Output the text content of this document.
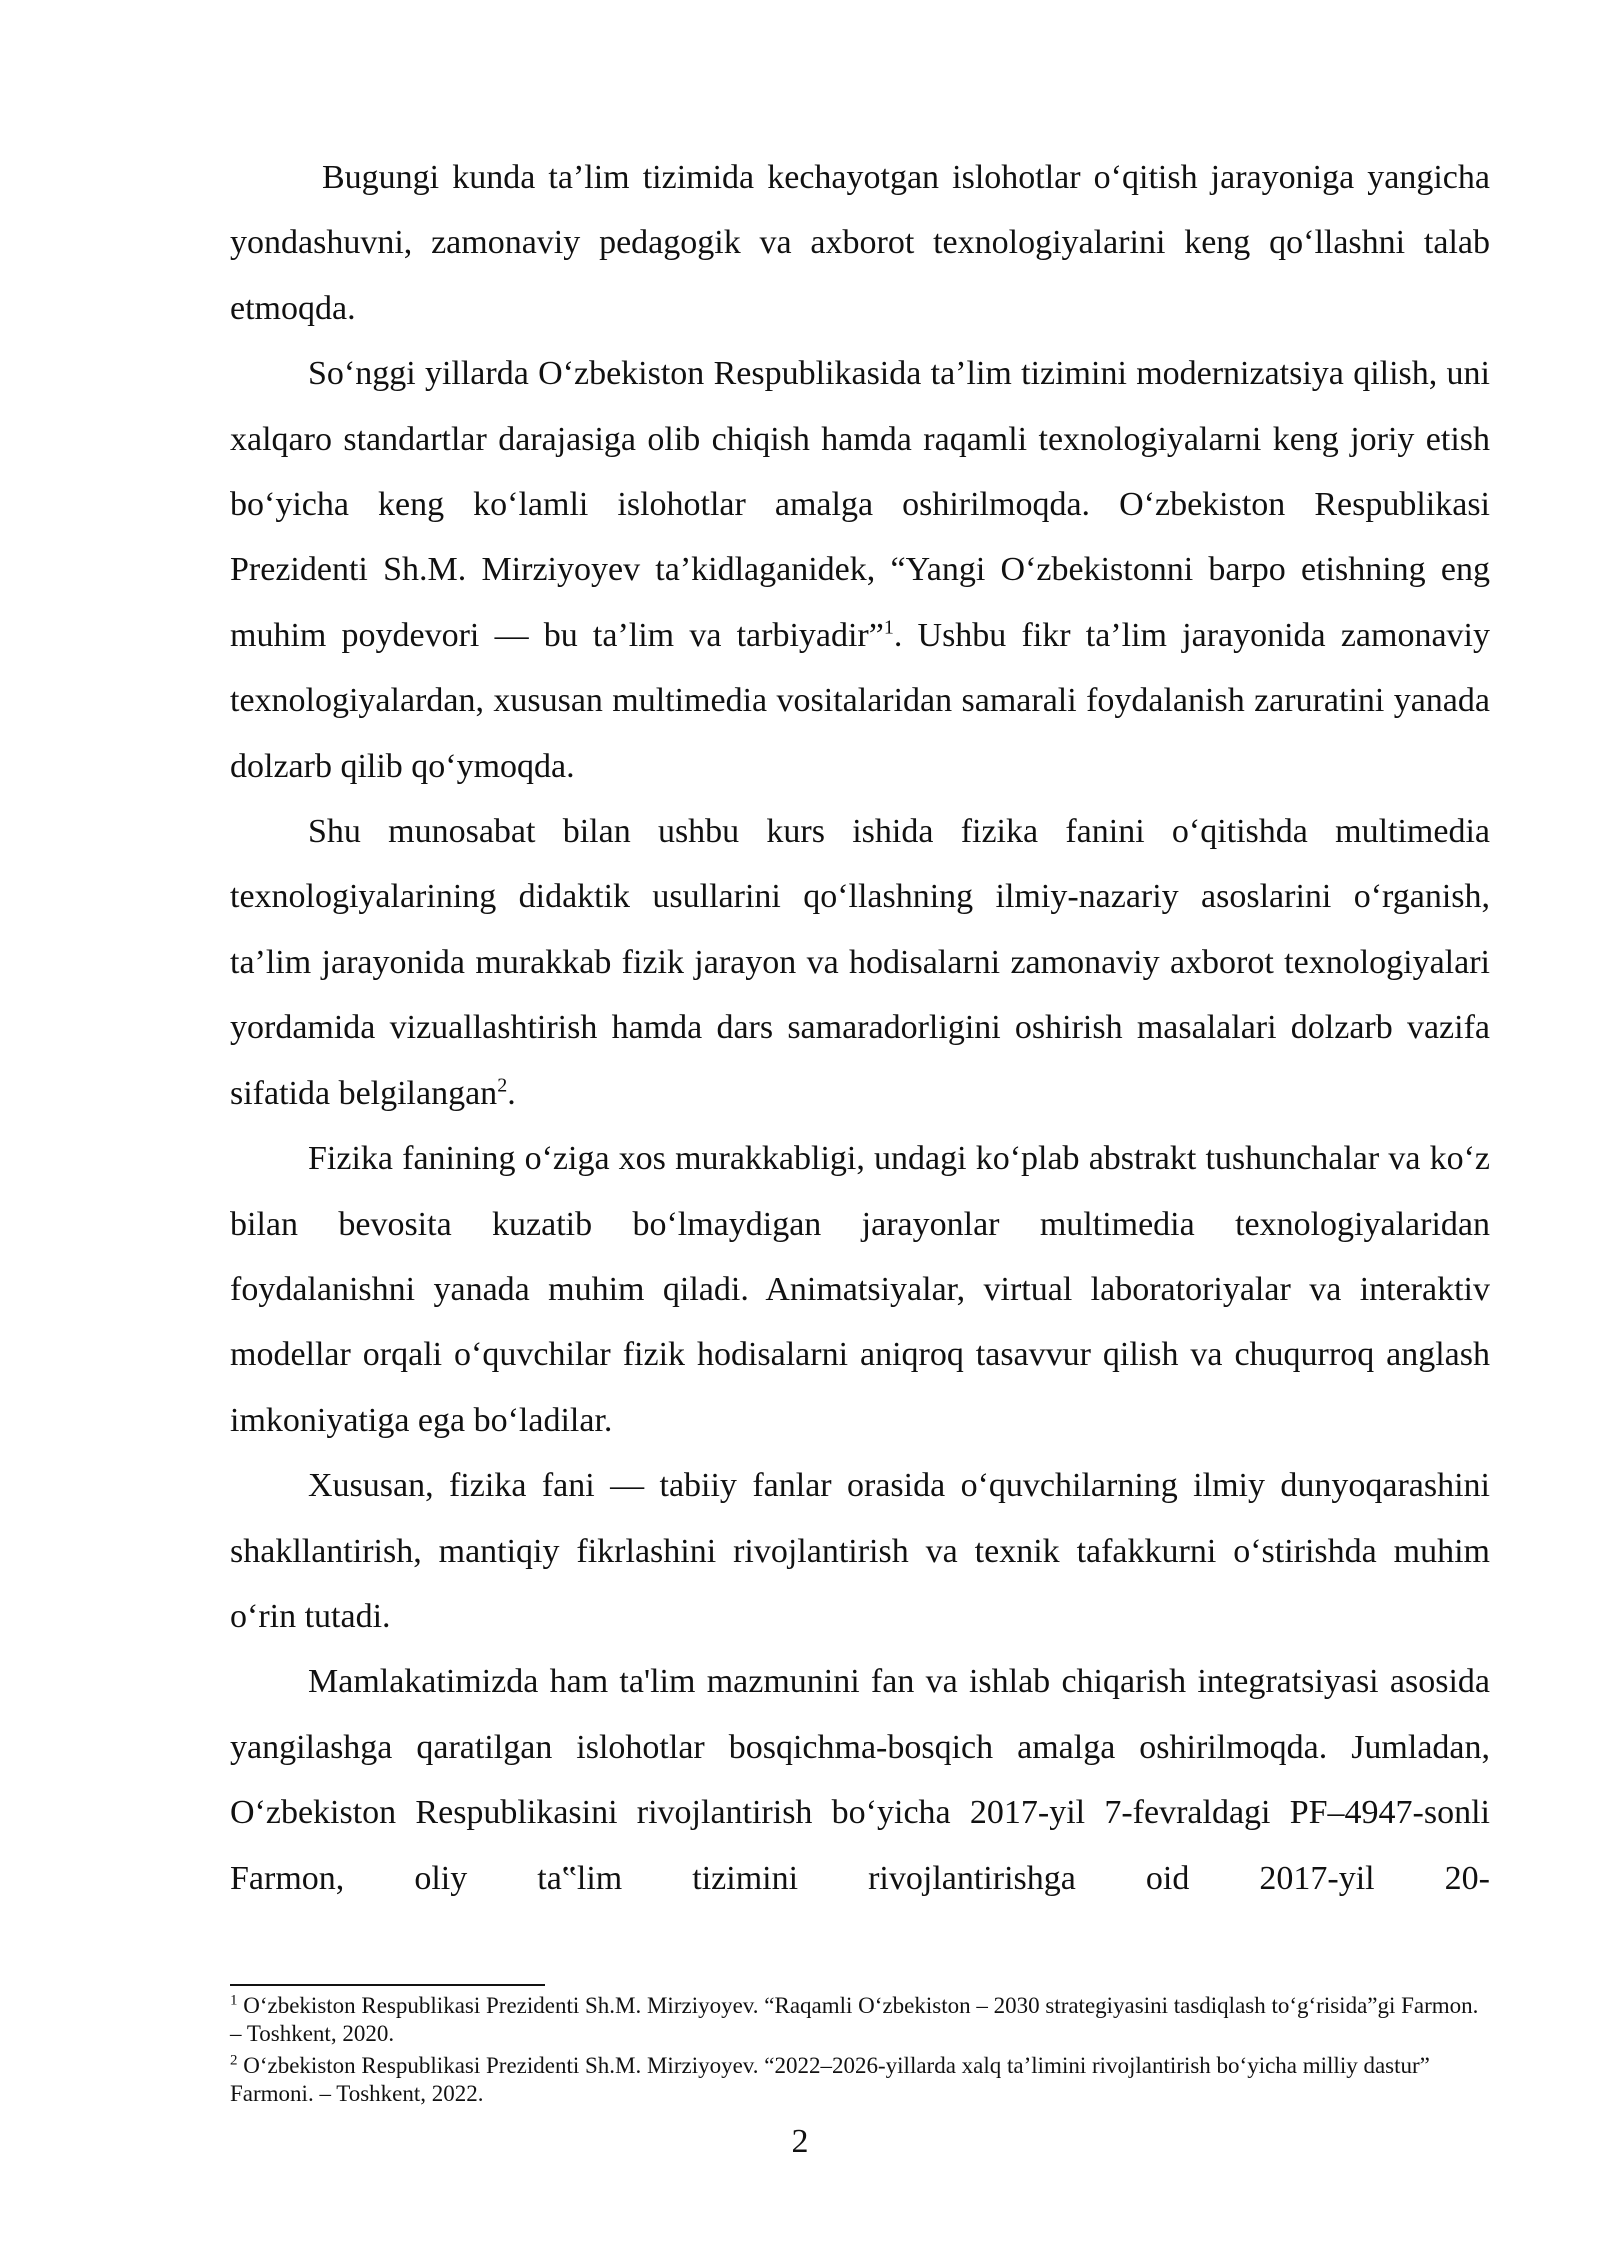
Bugungi kunda ta’lim tizimida kechayotgan islohotlar o‘qitish jarayoniga yangicha yondashuvni, zamonaviy pedagogik va axborot texnologiyalarini keng qo‘llashni talab etmoqda.

So‘nggi yillarda O‘zbekiston Respublikasida ta’lim tizimini modernizatsiya qilish, uni xalqaro standartlar darajasiga olib chiqish hamda raqamli texnologiyalarni keng joriy etish bo‘yicha keng ko‘lamli islohotlar amalga oshirilmoqda. O‘zbekiston Respublikasi Prezidenti Sh.M. Mirziyoyev ta’kidlaganidek, “Yangi O‘zbekistonni barpo etishning eng muhim poydevori — bu ta’lim va tarbiyadir”$^1$. Ushbu fikr ta’lim jarayonida zamonaviy texnologiyalardan, xususan multimedia vositalaridan samarali foydalanish zaruratini yanada dolzarb qilib qo‘ymoqda.

Shu munosabat bilan ushbu kurs ishida fizika fanini o‘qitishda multimedia texnologiyalarining didaktik usullarini qo‘llashning ilmiy-nazariy asoslarini o‘rganish, ta’lim jarayonida murakkab fizik jarayon va hodisalarni zamonaviy axborot texnologiyalari yordamida vizuallashtirish hamda dars samaradorligini oshirish masalalari dolzarb vazifa sifatida belgilangan$^2$.

Fizika fanining o‘ziga xos murakkabligi, undagi ko‘plab abstrakt tushunchalar va ko‘z bilan bevosita kuzatib bo‘lmaydigan jarayonlar multimedia texnologiyalaridan foydalanishni yanada muhim qiladi. Animatsiyalar, virtual laboratoriyalar va interaktiv modellar orqali o‘quvchilar fizik hodisalarni aniqroq tasavvur qilish va chuqurroq anglash imkoniyatiga ega bo‘ladilar.

Xususan, fizika fani — tabiiy fanlar orasida o‘quvchilarning ilmiy dunyoqarashini shakllantirish, mantiqiy fikrlashini rivojlantirish va texnik tafakkurni o‘stirishda muhim o‘rin tutadi.

Mamlakatimizda ham ta'lim mazmunini fan va ishlab chiqarish integratsiyasi asosida yangilashga qaratilgan islohotlar bosqichma-bosqich amalga oshirilmoqda. Jumladan, O‘zbekiston Respublikasini rivojlantirish bo‘yicha 2017-yil 7-fevraldagi PF–4947-sonli Farmon, oliy ta‟lim tizimini rivojlantirishga oid 2017-yil 20-

$^1$ O‘zbekiston Respublikasi Prezidenti Sh.M. Mirziyoyev. “Raqamli O‘zbekiston – 2030 strategiyasini tasdiqlash to‘g‘risida”gi Farmon. – Toshkent, 2020.

$^2$ O‘zbekiston Respublikasi Prezidenti Sh.M. Mirziyoyev. “2022–2026-yillarda xalq ta’limini rivojlantirish bo‘yicha milliy dastur” Farmoni. – Toshkent, 2022.

2
